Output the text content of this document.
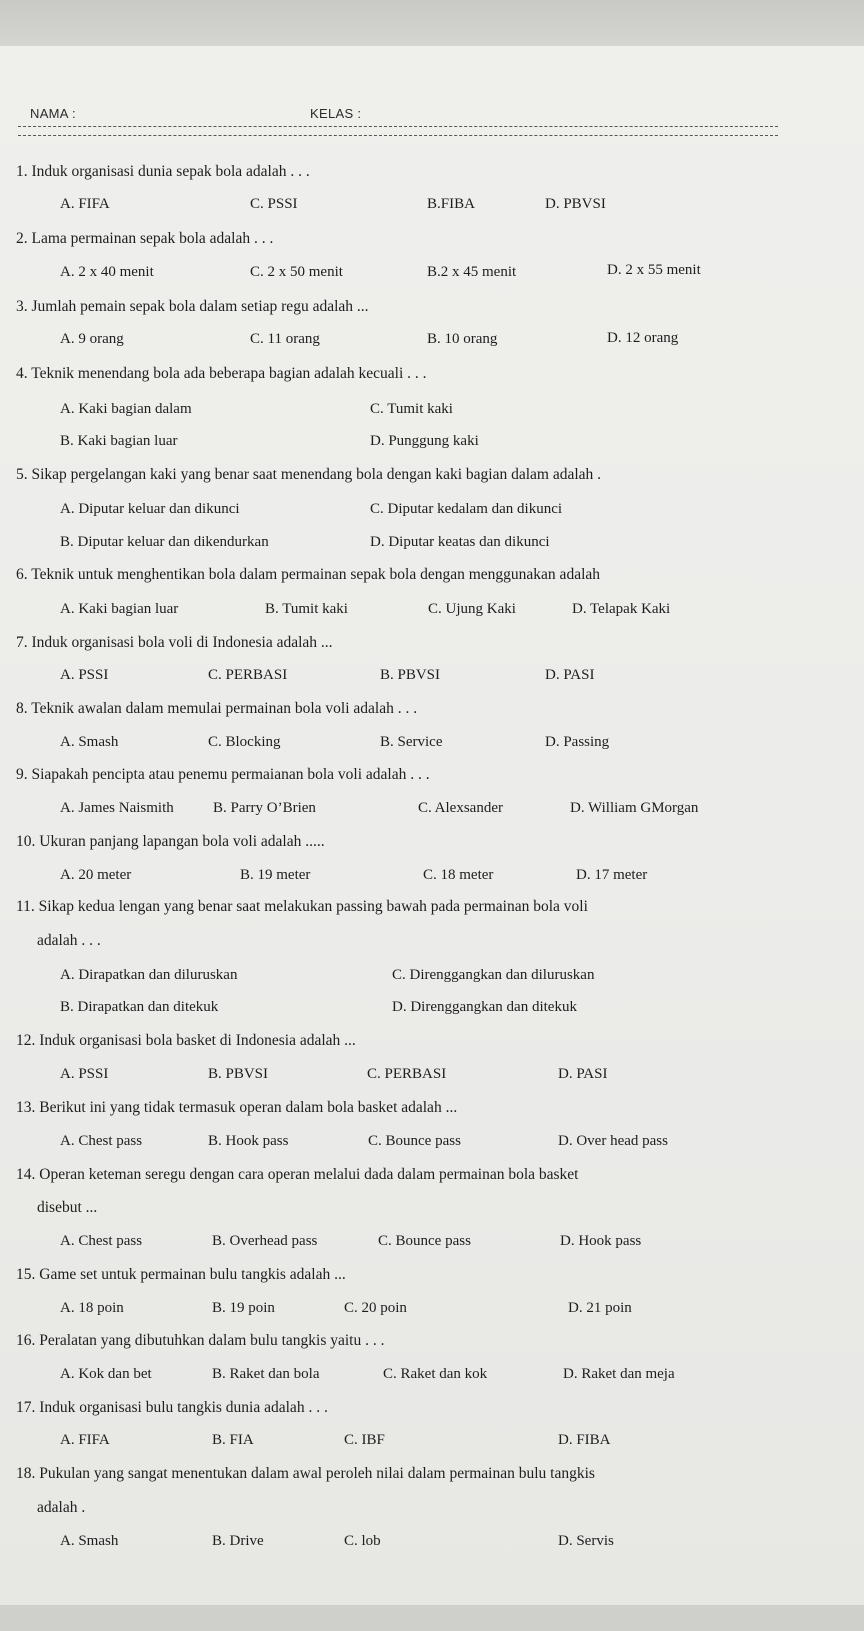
NAMA :	KELAS :
1. Induk organisasi dunia sepak bola adalah . . .
A. FIFA	C. PSSI	B.FIBA	D. PBVSI
2. Lama permainan sepak bola adalah . . .
A. 2 x 40 menit	C. 2 x 50 menit	B.2 x 45 menit	D. 2 x 55 menit
3. Jumlah pemain sepak bola dalam setiap regu adalah ...
A. 9 orang	C. 11 orang	B. 10 orang	D. 12 orang
4. Teknik menendang bola ada beberapa bagian adalah kecuali . . .
A. Kaki bagian dalam	C. Tumit kaki
B. Kaki bagian luar	D. Punggung kaki
5. Sikap pergelangan kaki yang benar saat menendang bola dengan kaki bagian dalam adalah .
A. Diputar keluar dan dikunci	C. Diputar kedalam dan dikunci
B. Diputar keluar dan dikendurkan	D. Diputar keatas dan dikunci
6. Teknik untuk menghentikan bola dalam permainan sepak bola dengan menggunakan adalah
A. Kaki bagian luar	B. Tumit kaki	C. Ujung Kaki	D. Telapak Kaki
7. Induk organisasi bola voli di Indonesia adalah ...
A. PSSI	C. PERBASI	B. PBVSI	D. PASI
8. Teknik awalan dalam memulai permainan bola voli adalah . . .
A. Smash	C. Blocking	B. Service	D. Passing
9. Siapakah pencipta atau penemu permaianan bola voli adalah . . .
A. James Naismith	B. Parry O’Brien	C. Alexsander	D. William GMorgan
10. Ukuran panjang lapangan bola voli adalah .....
A. 20 meter	B. 19 meter	C. 18 meter	D. 17 meter
11. Sikap kedua lengan yang benar saat melakukan passing bawah pada permainan bola voli
adalah . . .
A. Dirapatkan dan diluruskan	C. Direnggangkan dan diluruskan
B. Dirapatkan dan ditekuk	D. Direnggangkan dan ditekuk
12. Induk organisasi bola basket di Indonesia adalah ...
A. PSSI	B. PBVSI	C. PERBASI	D. PASI
13. Berikut ini yang tidak termasuk operan dalam bola basket adalah ...
A. Chest pass	B. Hook pass	C. Bounce pass	D. Over head pass
14. Operan keteman seregu dengan cara operan melalui dada dalam permainan bola basket
disebut ...
A. Chest pass	B. Overhead pass	C. Bounce pass	D. Hook pass
15. Game set untuk permainan bulu tangkis adalah ...
A. 18 poin	B. 19 poin	C. 20 poin	D. 21 poin
16. Peralatan yang dibutuhkan dalam bulu tangkis yaitu . . .
A. Kok dan bet	B. Raket dan bola	C. Raket dan kok	D. Raket dan meja
17. Induk organisasi bulu tangkis dunia adalah . . .
A. FIFA	B. FIA	C. IBF	D. FIBA
18. Pukulan yang sangat menentukan dalam awal peroleh nilai dalam permainan bulu tangkis
adalah .
A. Smash	B. Drive	C. lob	D. Servis
